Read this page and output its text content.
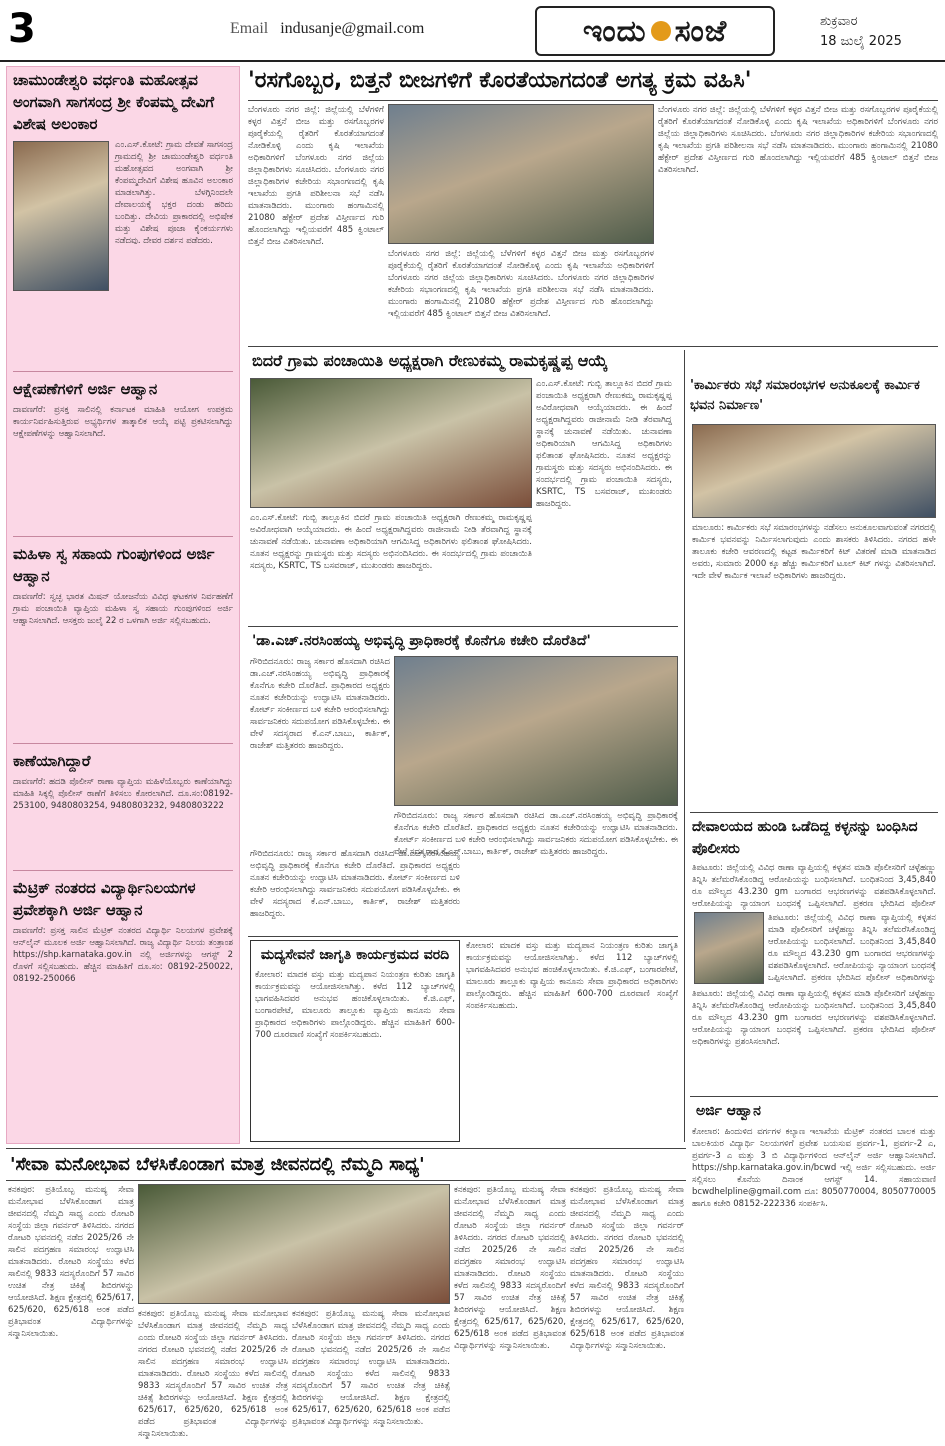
3	Email indusanje@gmail.com	ಇಂದು ಸಂಜೆ	ಶುಕ್ರವಾರ
18 ಜುಲೈ 2025
ಚಾಮುಂಡೇಶ್ವರಿ ವರ್ಧಂತಿ ಮಹೋತ್ಸವ ಅಂಗವಾಗಿ ಸಾಗಸಂದ್ರ ಶ್ರೀ ಕೆಂಪಮ್ಮ ದೇವಿಗೆ ವಿಶೇಷ ಅಲಂಕಾರ
ಎಂ.ಎಸ್.ಕೋಟೆ: ಗ್ರಾಮ ದೇವತೆ ಸಾಗಸಂದ್ರ ಗ್ರಾಮದಲ್ಲಿ ಶ್ರೀ ಚಾಮುಂಡೇಶ್ವರಿ ವರ್ಧಂತಿ ಮಹೋತ್ಸವದ ಅಂಗವಾಗಿ ಶ್ರೀ ಕೆಂಪಮ್ಮದೇವಿಗೆ ವಿಶೇಷ ಹೂವಿನ ಅಲಂಕಾರ ಮಾಡಲಾಗಿತ್ತು. ಬೆಳಗ್ಗಿನಿಂದಲೇ ದೇವಾಲಯಕ್ಕೆ ಭಕ್ತರ ದಂಡು ಹರಿದು ಬಂದಿತ್ತು. ದೇವಿಯ ಪ್ರಾಕಾರದಲ್ಲಿ ಅಭಿಷೇಕ ಮತ್ತು ವಿಶೇಷ ಪೂಜಾ ಕೈಂಕರ್ಯಗಳು ನಡೆದವು. ದೇವರ ದರ್ಶನ ಪಡೆದರು.
ಆಕ್ಷೇಪಣೆಗಳಿಗೆ ಅರ್ಜಿ ಆಹ್ವಾನ
ದಾವಣಗೆರೆ: ಪ್ರಸಕ್ತ ಸಾಲಿನಲ್ಲಿ ಕರ್ನಾಟಕ ಮಾಹಿತಿ ಆಯೋಗ ಉಪಕ್ರಮ ಕಾರ್ಯನಿರ್ವಹಿಸುತ್ತಿರುವ ಅಭ್ಯರ್ಥಿಗಳ ತಾತ್ಕಾಲಿಕ ಆಯ್ಕೆ ಪಟ್ಟಿ ಪ್ರಕಟಿಸಲಾಗಿದ್ದು ಆಕ್ಷೇಪಣೆಗಳನ್ನು ಆಹ್ವಾನಿಸಲಾಗಿದೆ.
ಮಹಿಳಾ ಸ್ವ ಸಹಾಯ ಗುಂಪುಗಳಿಂದ ಅರ್ಜಿ ಆಹ್ವಾನ
ದಾವಣಗೆರೆ: ಸ್ವಚ್ಛ ಭಾರತ ಮಿಷನ್ ಯೋಜನೆಯ ವಿವಿಧ ಘಟಕಗಳ ನಿರ್ವಹಣೆಗೆ ಗ್ರಾಮ ಪಂಚಾಯಿತಿ ವ್ಯಾಪ್ತಿಯ ಮಹಿಳಾ ಸ್ವ ಸಹಾಯ ಗುಂಪುಗಳಿಂದ ಅರ್ಜಿ ಆಹ್ವಾನಿಸಲಾಗಿದೆ. ಆಸಕ್ತರು ಜುಲೈ 22 ರ ಒಳಗಾಗಿ ಅರ್ಜಿ ಸಲ್ಲಿಸಬಹುದು.
ಕಾಣೆಯಾಗಿದ್ದಾರೆ
ದಾವಣಗೆರೆ: ಹದಡಿ ಪೊಲೀಸ್ ಠಾಣಾ ವ್ಯಾಪ್ತಿಯ ಮಹಿಳೆಯೊಬ್ಬರು ಕಾಣೆಯಾಗಿದ್ದು ಮಾಹಿತಿ ಸಿಕ್ಕಲ್ಲಿ ಪೊಲೀಸ್ ಠಾಣೆಗೆ ತಿಳಿಸಲು ಕೋರಲಾಗಿದೆ. ದೂ.ಸಂ:08192-253100, 9480803254, 9480803232, 9480803222
ಮೆಟ್ರಿಕ್ ನಂತರದ ವಿದ್ಯಾರ್ಥಿನಿಲಯಗಳ ಪ್ರವೇಶಕ್ಕಾಗಿ ಅರ್ಜಿ ಆಹ್ವಾನ
ದಾವಣಗೆರೆ: ಪ್ರಸಕ್ತ ಸಾಲಿನ ಮೆಟ್ರಿಕ್ ನಂತರದ ವಿದ್ಯಾರ್ಥಿ ನಿಲಯಗಳ ಪ್ರವೇಶಕ್ಕೆ ಆನ್‌ಲೈನ್ ಮೂಲಕ ಅರ್ಜಿ ಆಹ್ವಾನಿಸಲಾಗಿದೆ. ರಾಜ್ಯ ವಿದ್ಯಾರ್ಥಿ ನಿಲಯ ತಂತ್ರಾಂಶ https://shp.karnataka.gov.in ನಲ್ಲಿ ಅರ್ಜಿಗಳನ್ನು ಆಗಸ್ಟ್ 2 ರೊಳಗೆ ಸಲ್ಲಿಸಬಹುದು. ಹೆಚ್ಚಿನ ಮಾಹಿತಿಗೆ ದೂ.ಸಂ: 08192-250022, 08192-250066
'ರಸಗೊಬ್ಬರ, ಬಿತ್ತನೆ ಬೀಜಗಳಿಗೆ ಕೊರತೆಯಾಗದಂತೆ ಅಗತ್ಯ ಕ್ರಮ ವಹಿಸಿ'
ಬೆಂಗಳೂರು ನಗರ ಜಿಲ್ಲೆ: ಜಿಲ್ಲೆಯಲ್ಲಿ ಬೆಳೆಗಳಿಗೆ ಕಳ್ಳರ ವಿತ್ತನೆ ಬೀಜ ಮತ್ತು ರಸಗೊಬ್ಬರಗಳ ಪೂರೈಕೆಯಲ್ಲಿ ರೈತರಿಗೆ ಕೊರತೆಯಾಗದಂತೆ ನೋಡಿಕೊಳ್ಳಿ ಎಂದು ಕೃಷಿ ಇಲಾಖೆಯ ಅಧಿಕಾರಿಗಳಿಗೆ ಬೆಂಗಳೂರು ನಗರ ಜಿಲ್ಲೆಯ ಜಿಲ್ಲಾಧಿಕಾರಿಗಳು ಸೂಚಿಸಿದರು. ಬೆಂಗಳೂರು ನಗರ ಜಿಲ್ಲಾಧಿಕಾರಿಗಳ ಕಚೇರಿಯ ಸಭಾಂಗಣದಲ್ಲಿ ಕೃಷಿ ಇಲಾಖೆಯ ಪ್ರಗತಿ ಪರಿಶೀಲನಾ ಸಭೆ ನಡೆಸಿ ಮಾತನಾಡಿದರು. ಮುಂಗಾರು ಹಂಗಾಮಿನಲ್ಲಿ 21080 ಹೆಕ್ಟೇರ್ ಪ್ರದೇಶ ವಿಸ್ತೀರ್ಣದ ಗುರಿ ಹೊಂದಲಾಗಿದ್ದು ಇಲ್ಲಿಯವರೆಗೆ 485 ಕ್ವಿಂಟಾಲ್ ಬಿತ್ತನೆ ಬೀಜ ವಿತರಿಸಲಾಗಿದೆ.
ಬೆಂಗಳೂರು ನಗರ ಜಿಲ್ಲೆ: ಜಿಲ್ಲೆಯಲ್ಲಿ ಬೆಳೆಗಳಿಗೆ ಕಳ್ಳರ ವಿತ್ತನೆ ಬೀಜ ಮತ್ತು ರಸಗೊಬ್ಬರಗಳ ಪೂರೈಕೆಯಲ್ಲಿ ರೈತರಿಗೆ ಕೊರತೆಯಾಗದಂತೆ ನೋಡಿಕೊಳ್ಳಿ ಎಂದು ಕೃಷಿ ಇಲಾಖೆಯ ಅಧಿಕಾರಿಗಳಿಗೆ ಬೆಂಗಳೂರು ನಗರ ಜಿಲ್ಲೆಯ ಜಿಲ್ಲಾಧಿಕಾರಿಗಳು ಸೂಚಿಸಿದರು. ಬೆಂಗಳೂರು ನಗರ ಜಿಲ್ಲಾಧಿಕಾರಿಗಳ ಕಚೇರಿಯ ಸಭಾಂಗಣದಲ್ಲಿ ಕೃಷಿ ಇಲಾಖೆಯ ಪ್ರಗತಿ ಪರಿಶೀಲನಾ ಸಭೆ ನಡೆಸಿ ಮಾತನಾಡಿದರು. ಮುಂಗಾರು ಹಂಗಾಮಿನಲ್ಲಿ 21080 ಹೆಕ್ಟೇರ್ ಪ್ರದೇಶ ವಿಸ್ತೀರ್ಣದ ಗುರಿ ಹೊಂದಲಾಗಿದ್ದು ಇಲ್ಲಿಯವರೆಗೆ 485 ಕ್ವಿಂಟಾಲ್ ಬಿತ್ತನೆ ಬೀಜ ವಿತರಿಸಲಾಗಿದೆ.
ಬೆಂಗಳೂರು ನಗರ ಜಿಲ್ಲೆ: ಜಿಲ್ಲೆಯಲ್ಲಿ ಬೆಳೆಗಳಿಗೆ ಕಳ್ಳರ ವಿತ್ತನೆ ಬೀಜ ಮತ್ತು ರಸಗೊಬ್ಬರಗಳ ಪೂರೈಕೆಯಲ್ಲಿ ರೈತರಿಗೆ ಕೊರತೆಯಾಗದಂತೆ ನೋಡಿಕೊಳ್ಳಿ ಎಂದು ಕೃಷಿ ಇಲಾಖೆಯ ಅಧಿಕಾರಿಗಳಿಗೆ ಬೆಂಗಳೂರು ನಗರ ಜಿಲ್ಲೆಯ ಜಿಲ್ಲಾಧಿಕಾರಿಗಳು ಸೂಚಿಸಿದರು. ಬೆಂಗಳೂರು ನಗರ ಜಿಲ್ಲಾಧಿಕಾರಿಗಳ ಕಚೇರಿಯ ಸಭಾಂಗಣದಲ್ಲಿ ಕೃಷಿ ಇಲಾಖೆಯ ಪ್ರಗತಿ ಪರಿಶೀಲನಾ ಸಭೆ ನಡೆಸಿ ಮಾತನಾಡಿದರು. ಮುಂಗಾರು ಹಂಗಾಮಿನಲ್ಲಿ 21080 ಹೆಕ್ಟೇರ್ ಪ್ರದೇಶ ವಿಸ್ತೀರ್ಣದ ಗುರಿ ಹೊಂದಲಾಗಿದ್ದು ಇಲ್ಲಿಯವರೆಗೆ 485 ಕ್ವಿಂಟಾಲ್ ಬಿತ್ತನೆ ಬೀಜ ವಿತರಿಸಲಾಗಿದೆ.
ಬಿದರೆ ಗ್ರಾಮ ಪಂಚಾಯಿತಿ ಅಧ್ಯಕ್ಷರಾಗಿ ರೇಣುಕಮ್ಮ ರಾಮಕೃಷ್ಣಪ್ಪ ಆಯ್ಕೆ
ಎಂ.ಎಸ್.ಕೋಟೆ: ಗುಬ್ಬಿ ತಾಲ್ಲೂಕಿನ ಬಿದರೆ ಗ್ರಾಮ ಪಂಚಾಯಿತಿ ಅಧ್ಯಕ್ಷರಾಗಿ ರೇಣುಕಮ್ಮ ರಾಮಕೃಷ್ಣಪ್ಪ ಅವಿರೋಧವಾಗಿ ಆಯ್ಕೆಯಾದರು. ಈ ಹಿಂದೆ ಅಧ್ಯಕ್ಷರಾಗಿದ್ದವರು ರಾಜೀನಾಮೆ ನೀಡಿ ತೆರವಾಗಿದ್ದ ಸ್ಥಾನಕ್ಕೆ ಚುನಾವಣೆ ನಡೆಯಿತು. ಚುನಾವಣಾ ಅಧಿಕಾರಿಯಾಗಿ ಆಗಮಿಸಿದ್ದ ಅಧಿಕಾರಿಗಳು ಫಲಿತಾಂಶ ಘೋಷಿಸಿದರು. ನೂತನ ಅಧ್ಯಕ್ಷರನ್ನು ಗ್ರಾಮಸ್ಥರು ಮತ್ತು ಸದಸ್ಯರು ಅಭಿನಂದಿಸಿದರು. ಈ ಸಂದರ್ಭದಲ್ಲಿ ಗ್ರಾಮ ಪಂಚಾಯಿತಿ ಸದಸ್ಯರು, KSRTC, TS ಬಸವರಾಜ್, ಮುಖಂಡರು ಹಾಜರಿದ್ದರು.
ಎಂ.ಎಸ್.ಕೋಟೆ: ಗುಬ್ಬಿ ತಾಲ್ಲೂಕಿನ ಬಿದರೆ ಗ್ರಾಮ ಪಂಚಾಯಿತಿ ಅಧ್ಯಕ್ಷರಾಗಿ ರೇಣುಕಮ್ಮ ರಾಮಕೃಷ್ಣಪ್ಪ ಅವಿರೋಧವಾಗಿ ಆಯ್ಕೆಯಾದರು. ಈ ಹಿಂದೆ ಅಧ್ಯಕ್ಷರಾಗಿದ್ದವರು ರಾಜೀನಾಮೆ ನೀಡಿ ತೆರವಾಗಿದ್ದ ಸ್ಥಾನಕ್ಕೆ ಚುನಾವಣೆ ನಡೆಯಿತು. ಚುನಾವಣಾ ಅಧಿಕಾರಿಯಾಗಿ ಆಗಮಿಸಿದ್ದ ಅಧಿಕಾರಿಗಳು ಫಲಿತಾಂಶ ಘೋಷಿಸಿದರು. ನೂತನ ಅಧ್ಯಕ್ಷರನ್ನು ಗ್ರಾಮಸ್ಥರು ಮತ್ತು ಸದಸ್ಯರು ಅಭಿನಂದಿಸಿದರು. ಈ ಸಂದರ್ಭದಲ್ಲಿ ಗ್ರಾಮ ಪಂಚಾಯಿತಿ ಸದಸ್ಯರು, KSRTC, TS ಬಸವರಾಜ್, ಮುಖಂಡರು ಹಾಜರಿದ್ದರು.
'ಡಾ.ಎಚ್.ನರಸಿಂಹಯ್ಯ ಅಭಿವೃದ್ಧಿ ಪ್ರಾಧಿಕಾರಕ್ಕೆ ಕೊನೆಗೂ ಕಚೇರಿ ದೊರೆತಿದೆ'
ಗೌರಿಬಿದನೂರು: ರಾಜ್ಯ ಸರ್ಕಾರ ಹೊಸದಾಗಿ ರಚಿಸಿದ ಡಾ.ಎಚ್.ನರಸಿಂಹಯ್ಯ ಅಭಿವೃದ್ಧಿ ಪ್ರಾಧಿಕಾರಕ್ಕೆ ಕೊನೆಗೂ ಕಚೇರಿ ದೊರೆತಿದೆ. ಪ್ರಾಧಿಕಾರದ ಅಧ್ಯಕ್ಷರು ನೂತನ ಕಚೇರಿಯನ್ನು ಉದ್ಘಾಟಿಸಿ ಮಾತನಾಡಿದರು. ಕೋರ್ಟ್ ಸಂಕೀರ್ಣದ ಬಳಿ ಕಚೇರಿ ಆರಂಭಿಸಲಾಗಿದ್ದು ಸಾರ್ವಜನಿಕರು ಸದುಪಯೋಗ ಪಡಿಸಿಕೊಳ್ಳಬೇಕು. ಈ ವೇಳೆ ಸದಸ್ಯರಾದ ಕೆ.ಎನ್.ಬಾಬು, ಕಾರ್ತಿಕ್, ರಾಜೇಶ್ ಮತ್ತಿತರರು ಹಾಜರಿದ್ದರು.
ಗೌರಿಬಿದನೂರು: ರಾಜ್ಯ ಸರ್ಕಾರ ಹೊಸದಾಗಿ ರಚಿಸಿದ ಡಾ.ಎಚ್.ನರಸಿಂಹಯ್ಯ ಅಭಿವೃದ್ಧಿ ಪ್ರಾಧಿಕಾರಕ್ಕೆ ಕೊನೆಗೂ ಕಚೇರಿ ದೊರೆತಿದೆ. ಪ್ರಾಧಿಕಾರದ ಅಧ್ಯಕ್ಷರು ನೂತನ ಕಚೇರಿಯನ್ನು ಉದ್ಘಾಟಿಸಿ ಮಾತನಾಡಿದರು. ಕೋರ್ಟ್ ಸಂಕೀರ್ಣದ ಬಳಿ ಕಚೇರಿ ಆರಂಭಿಸಲಾಗಿದ್ದು ಸಾರ್ವಜನಿಕರು ಸದುಪಯೋಗ ಪಡಿಸಿಕೊಳ್ಳಬೇಕು. ಈ ವೇಳೆ ಸದಸ್ಯರಾದ ಕೆ.ಎನ್.ಬಾಬು, ಕಾರ್ತಿಕ್, ರಾಜೇಶ್ ಮತ್ತಿತರರು ಹಾಜರಿದ್ದರು.
ಗೌರಿಬಿದನೂರು: ರಾಜ್ಯ ಸರ್ಕಾರ ಹೊಸದಾಗಿ ರಚಿಸಿದ ಡಾ.ಎಚ್.ನರಸಿಂಹಯ್ಯ ಅಭಿವೃದ್ಧಿ ಪ್ರಾಧಿಕಾರಕ್ಕೆ ಕೊನೆಗೂ ಕಚೇರಿ ದೊರೆತಿದೆ. ಪ್ರಾಧಿಕಾರದ ಅಧ್ಯಕ್ಷರು ನೂತನ ಕಚೇರಿಯನ್ನು ಉದ್ಘಾಟಿಸಿ ಮಾತನಾಡಿದರು. ಕೋರ್ಟ್ ಸಂಕೀರ್ಣದ ಬಳಿ ಕಚೇರಿ ಆರಂಭಿಸಲಾಗಿದ್ದು ಸಾರ್ವಜನಿಕರು ಸದುಪಯೋಗ ಪಡಿಸಿಕೊಳ್ಳಬೇಕು. ಈ ವೇಳೆ ಸದಸ್ಯರಾದ ಕೆ.ಎನ್.ಬಾಬು, ಕಾರ್ತಿಕ್, ರಾಜೇಶ್ ಮತ್ತಿತರರು ಹಾಜರಿದ್ದರು.
ಮದ್ಯಸೇವನೆ ಜಾಗೃತಿ ಕಾರ್ಯಕ್ರಮದ ವರದಿ
ಕೋಲಾರ: ಮಾದಕ ವಸ್ತು ಮತ್ತು ಮದ್ಯಪಾನ ನಿಯಂತ್ರಣ ಕುರಿತು ಜಾಗೃತಿ ಕಾರ್ಯಕ್ರಮವನ್ನು ಆಯೋಜಿಸಲಾಗಿತ್ತು. ಕಳೆದ 112 ಬ್ಯಾಚ್‌ಗಳಲ್ಲಿ ಭಾಗವಹಿಸಿದವರ ಅನುಭವ ಹಂಚಿಕೊಳ್ಳಲಾಯಿತು. ಕೆ.ಜಿ.ಎಫ್, ಬಂಗಾರಪೇಟೆ, ಮಾಲೂರು ತಾಲ್ಲೂಕು ವ್ಯಾಪ್ತಿಯ ಕಾನೂನು ಸೇವಾ ಪ್ರಾಧಿಕಾರದ ಅಧಿಕಾರಿಗಳು ಪಾಲ್ಗೊಂಡಿದ್ದರು. ಹೆಚ್ಚಿನ ಮಾಹಿತಿಗೆ 600-700 ದೂರವಾಣಿ ಸಂಖ್ಯೆಗೆ ಸಂಪರ್ಕಿಸಬಹುದು.
ಕೋಲಾರ: ಮಾದಕ ವಸ್ತು ಮತ್ತು ಮದ್ಯಪಾನ ನಿಯಂತ್ರಣ ಕುರಿತು ಜಾಗೃತಿ ಕಾರ್ಯಕ್ರಮವನ್ನು ಆಯೋಜಿಸಲಾಗಿತ್ತು. ಕಳೆದ 112 ಬ್ಯಾಚ್‌ಗಳಲ್ಲಿ ಭಾಗವಹಿಸಿದವರ ಅನುಭವ ಹಂಚಿಕೊಳ್ಳಲಾಯಿತು. ಕೆ.ಜಿ.ಎಫ್, ಬಂಗಾರಪೇಟೆ, ಮಾಲೂರು ತಾಲ್ಲೂಕು ವ್ಯಾಪ್ತಿಯ ಕಾನೂನು ಸೇವಾ ಪ್ರಾಧಿಕಾರದ ಅಧಿಕಾರಿಗಳು ಪಾಲ್ಗೊಂಡಿದ್ದರು. ಹೆಚ್ಚಿನ ಮಾಹಿತಿಗೆ 600-700 ದೂರವಾಣಿ ಸಂಖ್ಯೆಗೆ ಸಂಪರ್ಕಿಸಬಹುದು.
'ಕಾರ್ಮಿಕರು ಸಭೆ ಸಮಾರಂಭಗಳ ಅನುಕೂಲಕ್ಕೆ ಕಾರ್ಮಿಕ ಭವನ ನಿರ್ಮಾಣ'
ಮಾಲೂರು: ಕಾರ್ಮಿಕರು ಸಭೆ ಸಮಾರಂಭಗಳನ್ನು ನಡೆಸಲು ಅನುಕೂಲವಾಗುವಂತೆ ನಗರದಲ್ಲಿ ಕಾರ್ಮಿಕ ಭವನವನ್ನು ನಿರ್ಮಿಸಲಾಗುವುದು ಎಂದು ಶಾಸಕರು ತಿಳಿಸಿದರು. ನಗರದ ಹಳೇ ತಾಲೂಕು ಕಚೇರಿ ಆವರಣದಲ್ಲಿ ಕಟ್ಟಡ ಕಾರ್ಮಿಕರಿಗೆ ಕಿಟ್ ವಿತರಣೆ ಮಾಡಿ ಮಾತನಾಡಿದ ಅವರು, ಸುಮಾರು 2000 ಕ್ಕೂ ಹೆಚ್ಚು ಕಾರ್ಮಿಕರಿಗೆ ಟೂಲ್ ಕಿಟ್ ಗಳನ್ನು ವಿತರಿಸಲಾಗಿದೆ. ಇದೇ ವೇಳೆ ಕಾರ್ಮಿಕ ಇಲಾಖೆ ಅಧಿಕಾರಿಗಳು ಹಾಜರಿದ್ದರು.
ದೇವಾಲಯದ ಹುಂಡಿ ಒಡೆದಿದ್ದ ಕಳ್ಳನನ್ನು ಬಂಧಿಸಿದ ಪೊಲೀಸರು
ತಿಪಟೂರು: ಜಿಲ್ಲೆಯಲ್ಲಿ ವಿವಿಧ ಠಾಣಾ ವ್ಯಾಪ್ತಿಯಲ್ಲಿ ಕಳ್ಳತನ ಮಾಡಿ ಪೊಲೀಸರಿಗೆ ಚಳ್ಳೆಹಣ್ಣು ತಿನ್ನಿಸಿ ತಲೆಮರೆಸಿಕೊಂಡಿದ್ದ ಆರೋಪಿಯನ್ನು ಬಂಧಿಸಲಾಗಿದೆ. ಬಂಧಿತನಿಂದ 3,45,840 ರೂ ಮೌಲ್ಯದ 43.230 gm ಬಂಗಾರದ ಆಭರಣಗಳನ್ನು ವಶಪಡಿಸಿಕೊಳ್ಳಲಾಗಿದೆ. ಆರೋಪಿಯನ್ನು ನ್ಯಾಯಾಂಗ ಬಂಧನಕ್ಕೆ ಒಪ್ಪಿಸಲಾಗಿದೆ. ಪ್ರಕರಣ ಭೇದಿಸಿದ ಪೊಲೀಸ್
ತಿಪಟೂರು: ಜಿಲ್ಲೆಯಲ್ಲಿ ವಿವಿಧ ಠಾಣಾ ವ್ಯಾಪ್ತಿಯಲ್ಲಿ ಕಳ್ಳತನ ಮಾಡಿ ಪೊಲೀಸರಿಗೆ ಚಳ್ಳೆಹಣ್ಣು ತಿನ್ನಿಸಿ ತಲೆಮರೆಸಿಕೊಂಡಿದ್ದ ಆರೋಪಿಯನ್ನು ಬಂಧಿಸಲಾಗಿದೆ. ಬಂಧಿತನಿಂದ 3,45,840 ರೂ ಮೌಲ್ಯದ 43.230 gm ಬಂಗಾರದ ಆಭರಣಗಳನ್ನು ವಶಪಡಿಸಿಕೊಳ್ಳಲಾಗಿದೆ. ಆರೋಪಿಯನ್ನು ನ್ಯಾಯಾಂಗ ಬಂಧನಕ್ಕೆ ಒಪ್ಪಿಸಲಾಗಿದೆ. ಪ್ರಕರಣ ಭೇದಿಸಿದ ಪೊಲೀಸ್ ಅಧಿಕಾರಿಗಳನ್ನು
ತಿಪಟೂರು: ಜಿಲ್ಲೆಯಲ್ಲಿ ವಿವಿಧ ಠಾಣಾ ವ್ಯಾಪ್ತಿಯಲ್ಲಿ ಕಳ್ಳತನ ಮಾಡಿ ಪೊಲೀಸರಿಗೆ ಚಳ್ಳೆಹಣ್ಣು ತಿನ್ನಿಸಿ ತಲೆಮರೆಸಿಕೊಂಡಿದ್ದ ಆರೋಪಿಯನ್ನು ಬಂಧಿಸಲಾಗಿದೆ. ಬಂಧಿತನಿಂದ 3,45,840 ರೂ ಮೌಲ್ಯದ 43.230 gm ಬಂಗಾರದ ಆಭರಣಗಳನ್ನು ವಶಪಡಿಸಿಕೊಳ್ಳಲಾಗಿದೆ. ಆರೋಪಿಯನ್ನು ನ್ಯಾಯಾಂಗ ಬಂಧನಕ್ಕೆ ಒಪ್ಪಿಸಲಾಗಿದೆ. ಪ್ರಕರಣ ಭೇದಿಸಿದ ಪೊಲೀಸ್ ಅಧಿಕಾರಿಗಳನ್ನು ಪ್ರಶಂಸಿಸಲಾಗಿದೆ.
ಅರ್ಜಿ ಆಹ್ವಾನ
ಕೋಲಾರ: ಹಿಂದುಳಿದ ವರ್ಗಗಳ ಕಲ್ಯಾಣ ಇಲಾಖೆಯ ಮೆಟ್ರಿಕ್ ನಂತರದ ಬಾಲಕ ಮತ್ತು ಬಾಲಕಿಯರ ವಿದ್ಯಾರ್ಥಿ ನಿಲಯಗಳಿಗೆ ಪ್ರವೇಶ ಬಯಸುವ ಪ್ರವರ್ಗ-1, ಪ್ರವರ್ಗ-2 ಎ, ಪ್ರವರ್ಗ-3 ಎ ಮತ್ತು 3 ಬಿ ವಿದ್ಯಾರ್ಥಿಗಳಿಂದ ಆನ್‌ಲೈನ್ ಅರ್ಜಿ ಆಹ್ವಾನಿಸಲಾಗಿದೆ. https://shp.karnataka.gov.in/bcwd ಇಲ್ಲಿ ಅರ್ಜಿ ಸಲ್ಲಿಸಬಹುದು. ಅರ್ಜಿ ಸಲ್ಲಿಸಲು ಕೊನೆಯ ದಿನಾಂಕ ಆಗಸ್ಟ್ 14. ಸಹಾಯವಾಣಿ bcwdhelpline@gmail.com ದೂ: 8050770004, 8050770005 ಹಾಗೂ ಕಚೇರಿ 08152-222336 ಸಂಪರ್ಕಿಸಿ.
'ಸೇವಾ ಮನೋಭಾವ ಬೆಳಸಿಕೊಂಡಾಗ ಮಾತ್ರ ಜೀವನದಲ್ಲಿ ನೆಮ್ಮದಿ ಸಾಧ್ಯ'
ಕನಕಪುರ: ಪ್ರತಿಯೊಬ್ಬ ಮನುಷ್ಯ ಸೇವಾ ಮನೋಭಾವ ಬೆಳೆಸಿಕೊಂಡಾಗ ಮಾತ್ರ ಜೀವನದಲ್ಲಿ ನೆಮ್ಮದಿ ಸಾಧ್ಯ ಎಂದು ರೋಟರಿ ಸಂಸ್ಥೆಯ ಜಿಲ್ಲಾ ಗವರ್ನರ್ ತಿಳಿಸಿದರು. ನಗರದ ರೋಟರಿ ಭವನದಲ್ಲಿ ನಡೆದ 2025/26 ನೇ ಸಾಲಿನ ಪದಗ್ರಹಣ ಸಮಾರಂಭ ಉದ್ಘಾಟಿಸಿ ಮಾತನಾಡಿದರು. ರೋಟರಿ ಸಂಸ್ಥೆಯು ಕಳೆದ ಸಾಲಿನಲ್ಲಿ 9833 ಸದಸ್ಯರೊಂದಿಗೆ 57 ಸಾವಿರ ಉಚಿತ ನೇತ್ರ ಚಿಕಿತ್ಸೆ ಶಿಬಿರಗಳನ್ನು ಆಯೋಜಿಸಿದೆ. ಶಿಕ್ಷಣ ಕ್ಷೇತ್ರದಲ್ಲಿ 625/617, 625/620, 625/618 ಅಂಕ ಪಡೆದ ಪ್ರತಿಭಾವಂತ ವಿದ್ಯಾರ್ಥಿಗಳನ್ನು ಸನ್ಮಾನಿಸಲಾಯಿತು.
ಕನಕಪುರ: ಪ್ರತಿಯೊಬ್ಬ ಮನುಷ್ಯ ಸೇವಾ ಮನೋಭಾವ ಬೆಳೆಸಿಕೊಂಡಾಗ ಮಾತ್ರ ಜೀವನದಲ್ಲಿ ನೆಮ್ಮದಿ ಸಾಧ್ಯ ಎಂದು ರೋಟರಿ ಸಂಸ್ಥೆಯ ಜಿಲ್ಲಾ ಗವರ್ನರ್ ತಿಳಿಸಿದರು. ನಗರದ ರೋಟರಿ ಭವನದಲ್ಲಿ ನಡೆದ 2025/26 ನೇ ಸಾಲಿನ ಪದಗ್ರಹಣ ಸಮಾರಂಭ ಉದ್ಘಾಟಿಸಿ ಮಾತನಾಡಿದರು. ರೋಟರಿ ಸಂಸ್ಥೆಯು ಕಳೆದ ಸಾಲಿನಲ್ಲಿ 9833 ಸದಸ್ಯರೊಂದಿಗೆ 57 ಸಾವಿರ ಉಚಿತ ನೇತ್ರ ಚಿಕಿತ್ಸೆ ಶಿಬಿರಗಳನ್ನು ಆಯೋಜಿಸಿದೆ. ಶಿಕ್ಷಣ ಕ್ಷೇತ್ರದಲ್ಲಿ 625/617, 625/620, 625/618 ಅಂಕ ಪಡೆದ ಪ್ರತಿಭಾವಂತ ವಿದ್ಯಾರ್ಥಿಗಳನ್ನು ಸನ್ಮಾನಿಸಲಾಯಿತು.
ಕನಕಪುರ: ಪ್ರತಿಯೊಬ್ಬ ಮನುಷ್ಯ ಸೇವಾ ಮನೋಭಾವ ಬೆಳೆಸಿಕೊಂಡಾಗ ಮಾತ್ರ ಜೀವನದಲ್ಲಿ ನೆಮ್ಮದಿ ಸಾಧ್ಯ ಎಂದು ರೋಟರಿ ಸಂಸ್ಥೆಯ ಜಿಲ್ಲಾ ಗವರ್ನರ್ ತಿಳಿಸಿದರು. ನಗರದ ರೋಟರಿ ಭವನದಲ್ಲಿ ನಡೆದ 2025/26 ನೇ ಸಾಲಿನ ಪದಗ್ರಹಣ ಸಮಾರಂಭ ಉದ್ಘಾಟಿಸಿ ಮಾತನಾಡಿದರು. ರೋಟರಿ ಸಂಸ್ಥೆಯು ಕಳೆದ ಸಾಲಿನಲ್ಲಿ 9833 ಸದಸ್ಯರೊಂದಿಗೆ 57 ಸಾವಿರ ಉಚಿತ ನೇತ್ರ ಚಿಕಿತ್ಸೆ ಶಿಬಿರಗಳನ್ನು ಆಯೋಜಿಸಿದೆ. ಶಿಕ್ಷಣ ಕ್ಷೇತ್ರದಲ್ಲಿ 625/617, 625/620, 625/618 ಅಂಕ ಪಡೆದ ಪ್ರತಿಭಾವಂತ ವಿದ್ಯಾರ್ಥಿಗಳನ್ನು ಸನ್ಮಾನಿಸಲಾಯಿತು.
ಕನಕಪುರ: ಪ್ರತಿಯೊಬ್ಬ ಮನುಷ್ಯ ಸೇವಾ ಮನೋಭಾವ ಬೆಳೆಸಿಕೊಂಡಾಗ ಮಾತ್ರ ಜೀವನದಲ್ಲಿ ನೆಮ್ಮದಿ ಸಾಧ್ಯ ಎಂದು ರೋಟರಿ ಸಂಸ್ಥೆಯ ಜಿಲ್ಲಾ ಗವರ್ನರ್ ತಿಳಿಸಿದರು. ನಗರದ ರೋಟರಿ ಭವನದಲ್ಲಿ ನಡೆದ 2025/26 ನೇ ಸಾಲಿನ ಪದಗ್ರಹಣ ಸಮಾರಂಭ ಉದ್ಘಾಟಿಸಿ ಮಾತನಾಡಿದರು. ರೋಟರಿ ಸಂಸ್ಥೆಯು ಕಳೆದ ಸಾಲಿನಲ್ಲಿ 9833 ಸದಸ್ಯರೊಂದಿಗೆ 57 ಸಾವಿರ ಉಚಿತ ನೇತ್ರ ಚಿಕಿತ್ಸೆ ಶಿಬಿರಗಳನ್ನು ಆಯೋಜಿಸಿದೆ. ಶಿಕ್ಷಣ ಕ್ಷೇತ್ರದಲ್ಲಿ 625/617, 625/620, 625/618 ಅಂಕ ಪಡೆದ ಪ್ರತಿಭಾವಂತ ವಿದ್ಯಾರ್ಥಿಗಳನ್ನು ಸನ್ಮಾನಿಸಲಾಯಿತು.
ಕನಕಪುರ: ಪ್ರತಿಯೊಬ್ಬ ಮನುಷ್ಯ ಸೇವಾ ಮನೋಭಾವ ಬೆಳೆಸಿಕೊಂಡಾಗ ಮಾತ್ರ ಜೀವನದಲ್ಲಿ ನೆಮ್ಮದಿ ಸಾಧ್ಯ ಎಂದು ರೋಟರಿ ಸಂಸ್ಥೆಯ ಜಿಲ್ಲಾ ಗವರ್ನರ್ ತಿಳಿಸಿದರು. ನಗರದ ರೋಟರಿ ಭವನದಲ್ಲಿ ನಡೆದ 2025/26 ನೇ ಸಾಲಿನ ಪದಗ್ರಹಣ ಸಮಾರಂಭ ಉದ್ಘಾಟಿಸಿ ಮಾತನಾಡಿದರು. ರೋಟರಿ ಸಂಸ್ಥೆಯು ಕಳೆದ ಸಾಲಿನಲ್ಲಿ 9833 ಸದಸ್ಯರೊಂದಿಗೆ 57 ಸಾವಿರ ಉಚಿತ ನೇತ್ರ ಚಿಕಿತ್ಸೆ ಶಿಬಿರಗಳನ್ನು ಆಯೋಜಿಸಿದೆ. ಶಿಕ್ಷಣ ಕ್ಷೇತ್ರದಲ್ಲಿ 625/617, 625/620, 625/618 ಅಂಕ ಪಡೆದ ಪ್ರತಿಭಾವಂತ ವಿದ್ಯಾರ್ಥಿಗಳನ್ನು ಸನ್ಮಾನಿಸಲಾಯಿತು.
